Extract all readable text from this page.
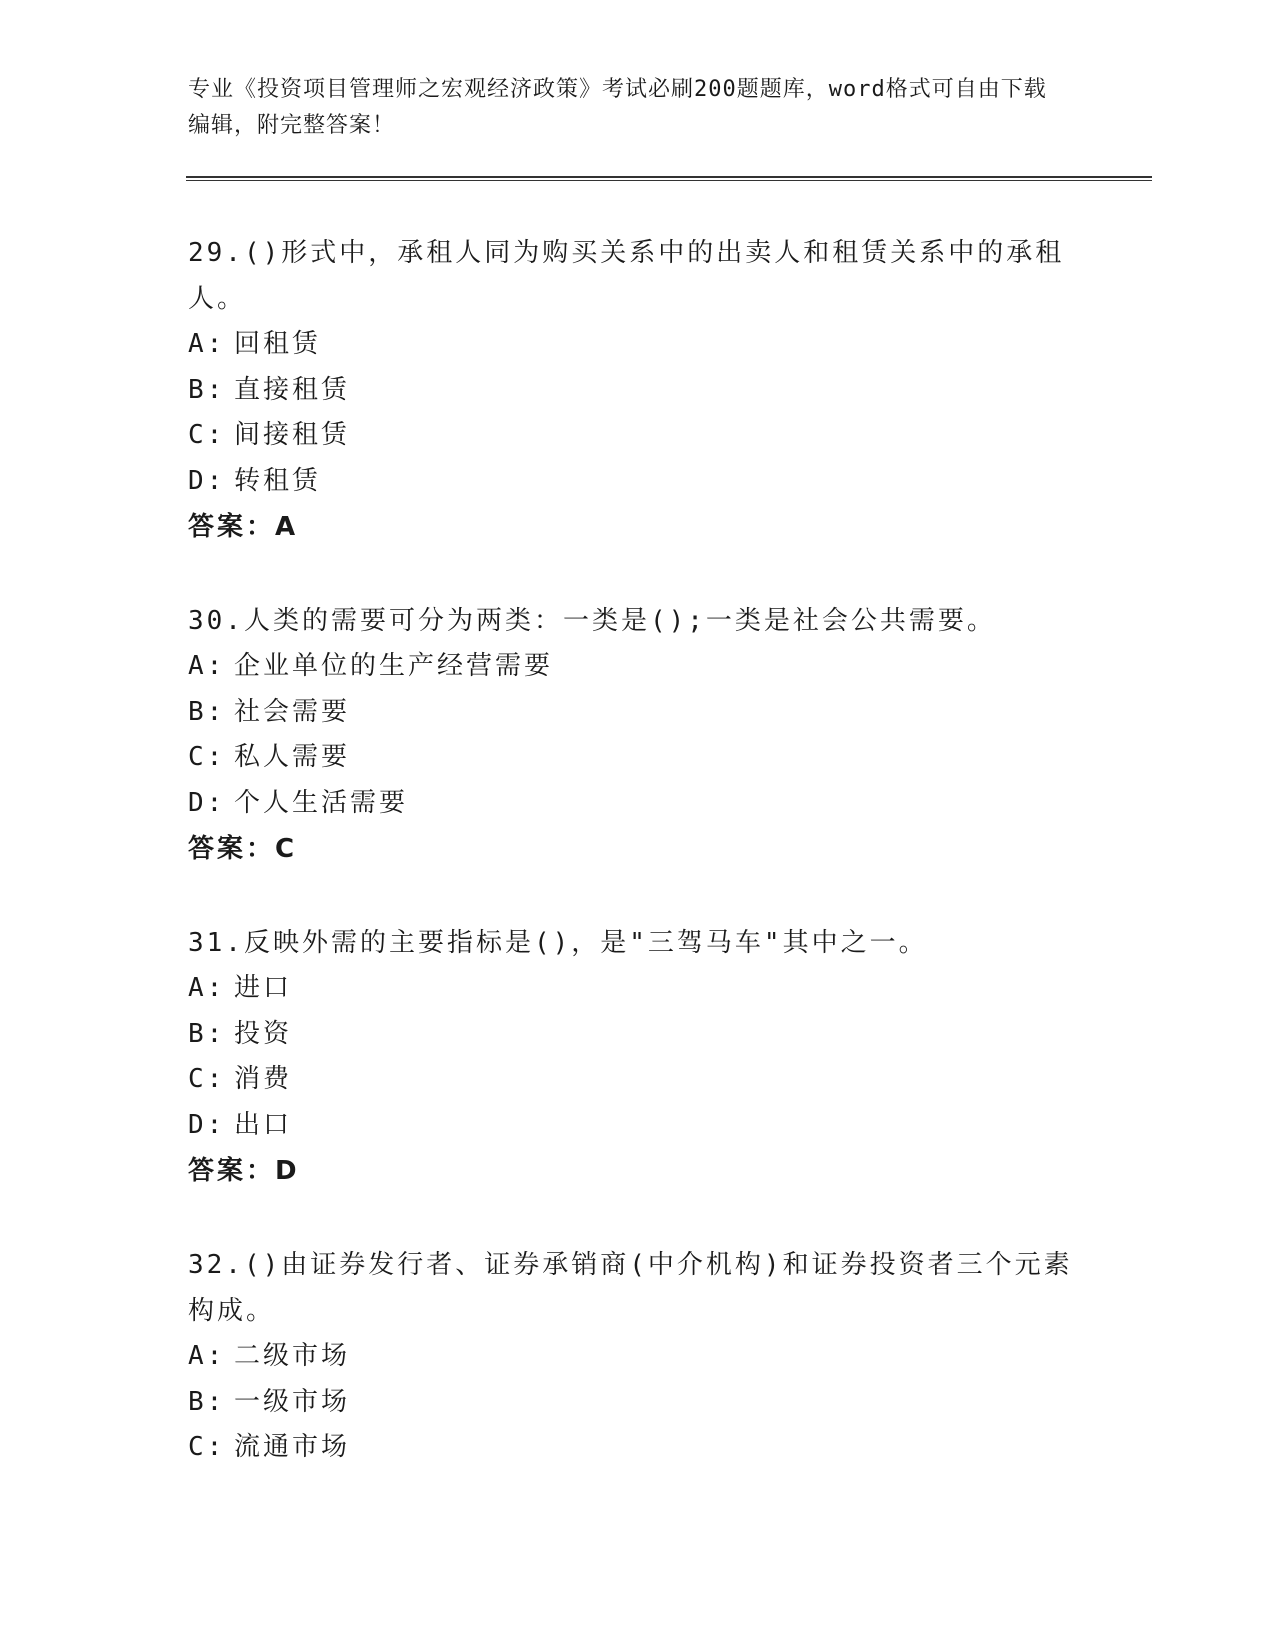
专业《投资项目管理师之宏观经济政策》考试必刷200题题库，word格式可自由下载编辑，附完整答案！

29.()形式中，承租人同为购买关系中的出卖人和租赁关系中的承租人。

A: 回租赁
B: 直接租赁
C: 间接租赁
D: 转租赁

答案：A

30.人类的需要可分为两类：一类是();一类是社会公共需要。

A: 企业单位的生产经营需要
B: 社会需要
C: 私人需要
D: 个人生活需要

答案：C

31.反映外需的主要指标是()，是"三驾马车"其中之一。

A: 进口
B: 投资
C: 消费
D: 出口

答案：D

32.()由证券发行者、证券承销商(中介机构)和证券投资者三个元素构成。

A: 二级市场
B: 一级市场
C: 流通市场
